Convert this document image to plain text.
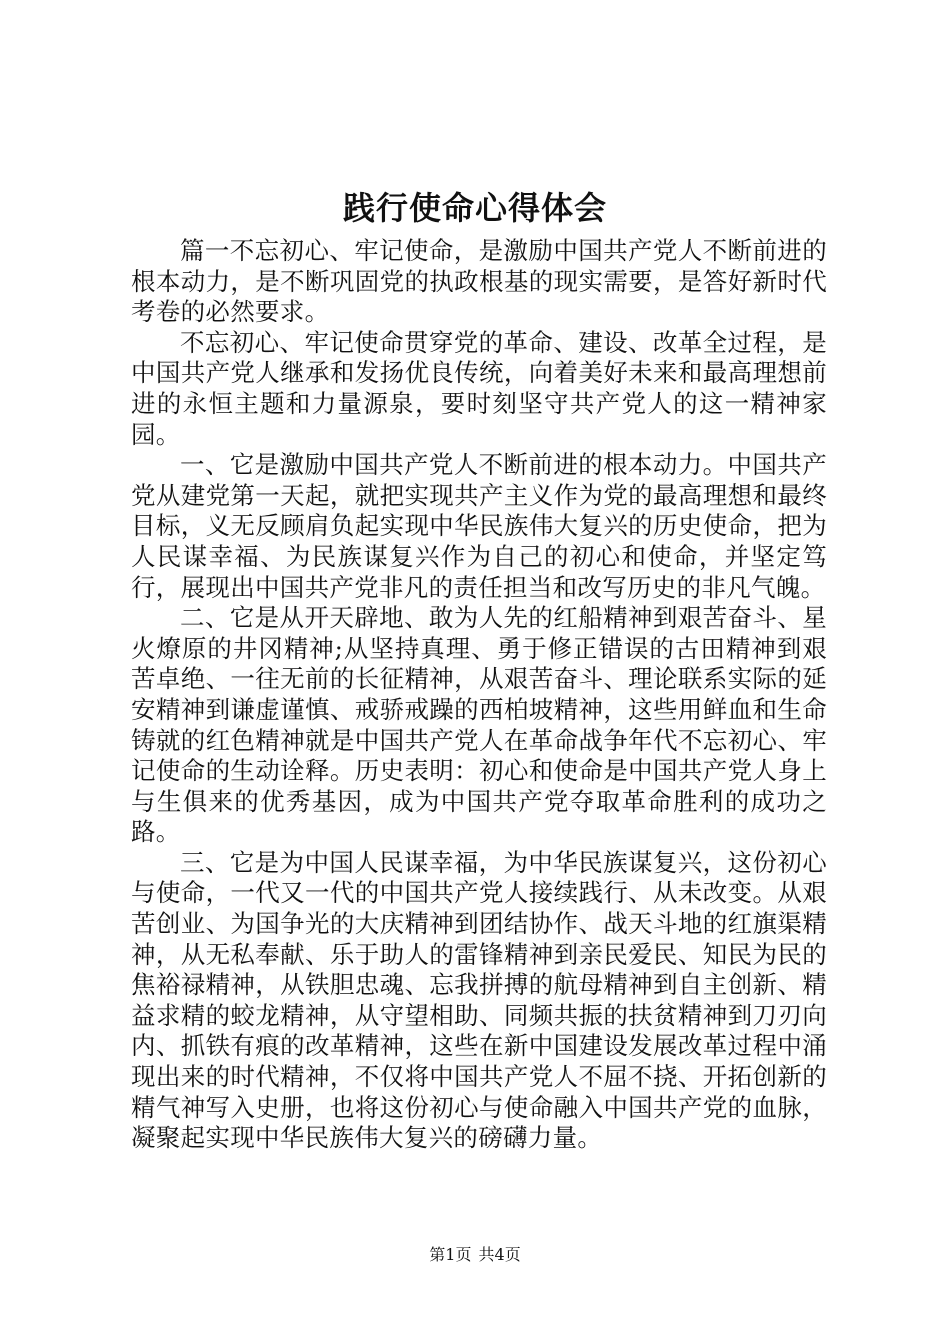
践行使命心得体会

篇一不忘初心、牢记使命，是激励中国共产党人不断前进的根本动力，是不断巩固党的执政根基的现实需要，是答好新时代考卷的必然要求。

不忘初心、牢记使命贯穿党的革命、建设、改革全过程，是中国共产党人继承和发扬优良传统，向着美好未来和最高理想前进的永恒主题和力量源泉，要时刻坚守共产党人的这一精神家园。

一、它是激励中国共产党人不断前进的根本动力。中国共产党从建党第一天起，就把实现共产主义作为党的最高理想和最终目标，义无反顾肩负起实现中华民族伟大复兴的历史使命，把为人民谋幸福、为民族谋复兴作为自己的初心和使命，并坚定笃行，展现出中国共产党非凡的责任担当和改写历史的非凡气魄。

二、它是从开天辟地、敢为人先的红船精神到艰苦奋斗、星火燎原的井冈精神;从坚持真理、勇于修正错误的古田精神到艰苦卓绝、一往无前的长征精神，从艰苦奋斗、理论联系实际的延安精神到谦虚谨慎、戒骄戒躁的西柏坡精神，这些用鲜血和生命铸就的红色精神就是中国共产党人在革命战争年代不忘初心、牢记使命的生动诠释。历史表明：初心和使命是中国共产党人身上与生俱来的优秀基因，成为中国共产党夺取革命胜利的成功之路。

三、它是为中国人民谋幸福，为中华民族谋复兴，这份初心与使命，一代又一代的中国共产党人接续践行、从未改变。从艰苦创业、为国争光的大庆精神到团结协作、战天斗地的红旗渠精神，从无私奉献、乐于助人的雷锋精神到亲民爱民、知民为民的焦裕禄精神，从铁胆忠魂、忘我拼搏的航母精神到自主创新、精益求精的蛟龙精神，从守望相助、同频共振的扶贫精神到刀刃向内、抓铁有痕的改革精神，这些在新中国建设发展改革过程中涌现出来的时代精神，不仅将中国共产党人不屈不挠、开拓创新的精气神写入史册，也将这份初心与使命融入中国共产党的血脉，凝聚起实现中华民族伟大复兴的磅礴力量。

第1页 共4页
